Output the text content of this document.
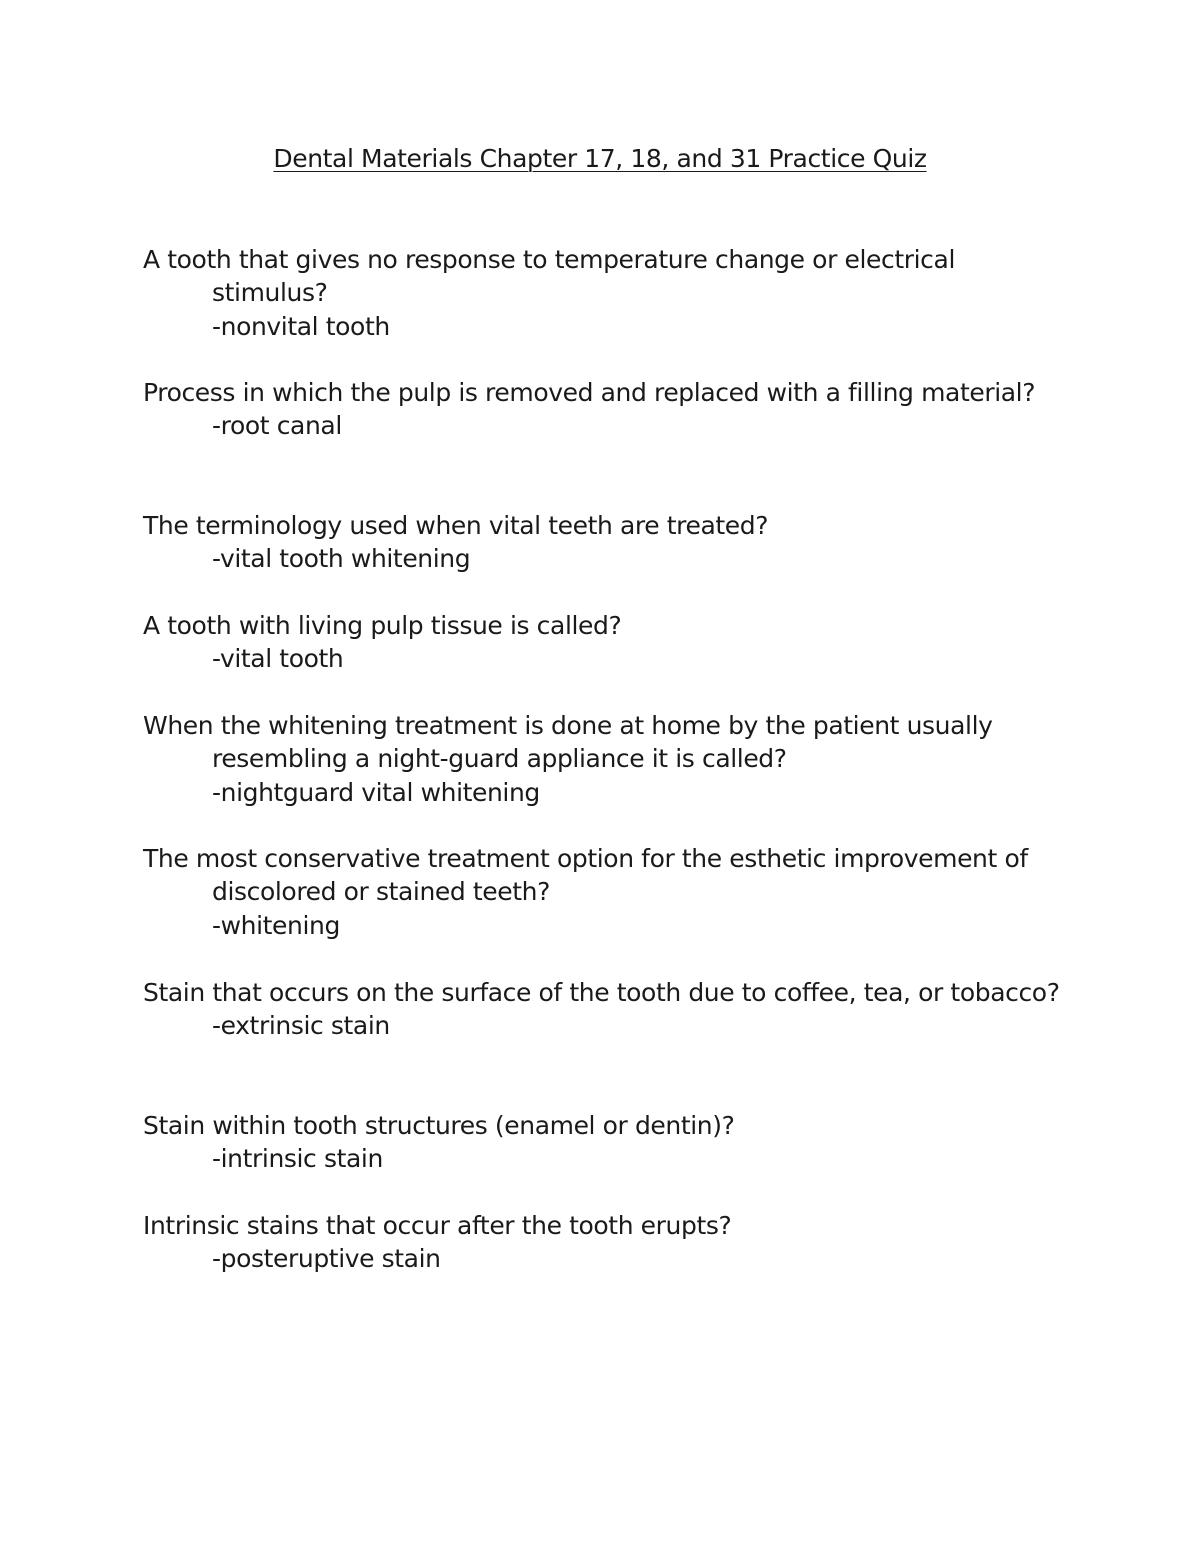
Dental Materials Chapter 17, 18, and 31 Practice Quiz

A tooth that gives no response to temperature change or electrical stimulus?

-nonvital tooth

Process in which the pulp is removed and replaced with a filling material?

-root canal

The terminology used when vital teeth are treated?

-vital tooth whitening

A tooth with living pulp tissue is called?

-vital tooth

When the whitening treatment is done at home by the patient usually resembling a night-guard appliance it is called?

-nightguard vital whitening

The most conservative treatment option for the esthetic improvement of discolored or stained teeth?

-whitening

Stain that occurs on the surface of the tooth due to coffee, tea, or tobacco?

-extrinsic stain

Stain within tooth structures (enamel or dentin)?

-intrinsic stain

Intrinsic stains that occur after the tooth erupts?

-posteruptive stain
